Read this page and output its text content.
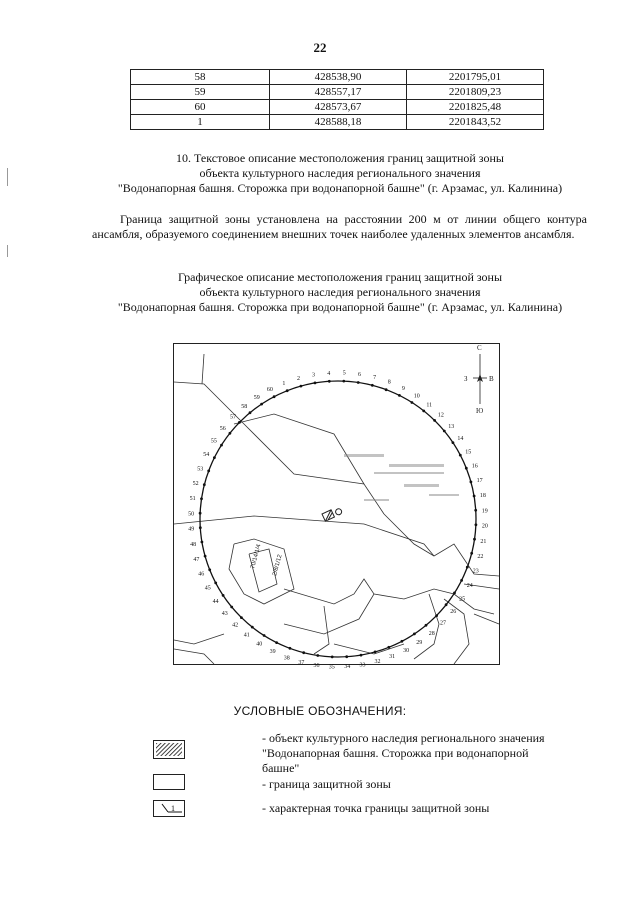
22
58	428538,90	2201795,01
59	428557,17	2201809,23
60	428573,67	2201825,48
1	428588,18	2201843,52
10. Текстовое описание местоположения границ защитной зоны
объекта культурного наследия регионального значения
"Водонапорная башня. Сторожка при водонапорной башне" (г. Арзамас, ул. Калинина)
Граница защитной зоны установлена на расстоянии 200 м от линии общего контура ансамбля, образуемого соединением внешних точек наиболее удаленных элементов ансамбля.
Графическое описание местоположения границ защитной зоны
объекта культурного наследия регионального значения
"Водонапорная башня. Сторожка при водонапорной башне" (г. Арзамас, ул. Калинина)
70/14/1/4 2/8/1/12
1
2
3 4 5 6 7
8
9
10
11
12
13
14
15
16
17
18
19
20
21
22
23
24
25
26
27
28
29
30
31
32
33
34
35
36
37
38
39
40
41
42
43
44
45
46
47
48
49
50
51
52
53
54
55
56
57
58
59
60
С
З	В
Ю
УСЛОВНЫЕ ОБОЗНАЧЕНИЯ:
- объект культурного наследия регионального значения "Водонапорная башня. Сторожка при водонапорной башне"
- граница защитной зоны
1	- характерная точка границы защитной зоны
